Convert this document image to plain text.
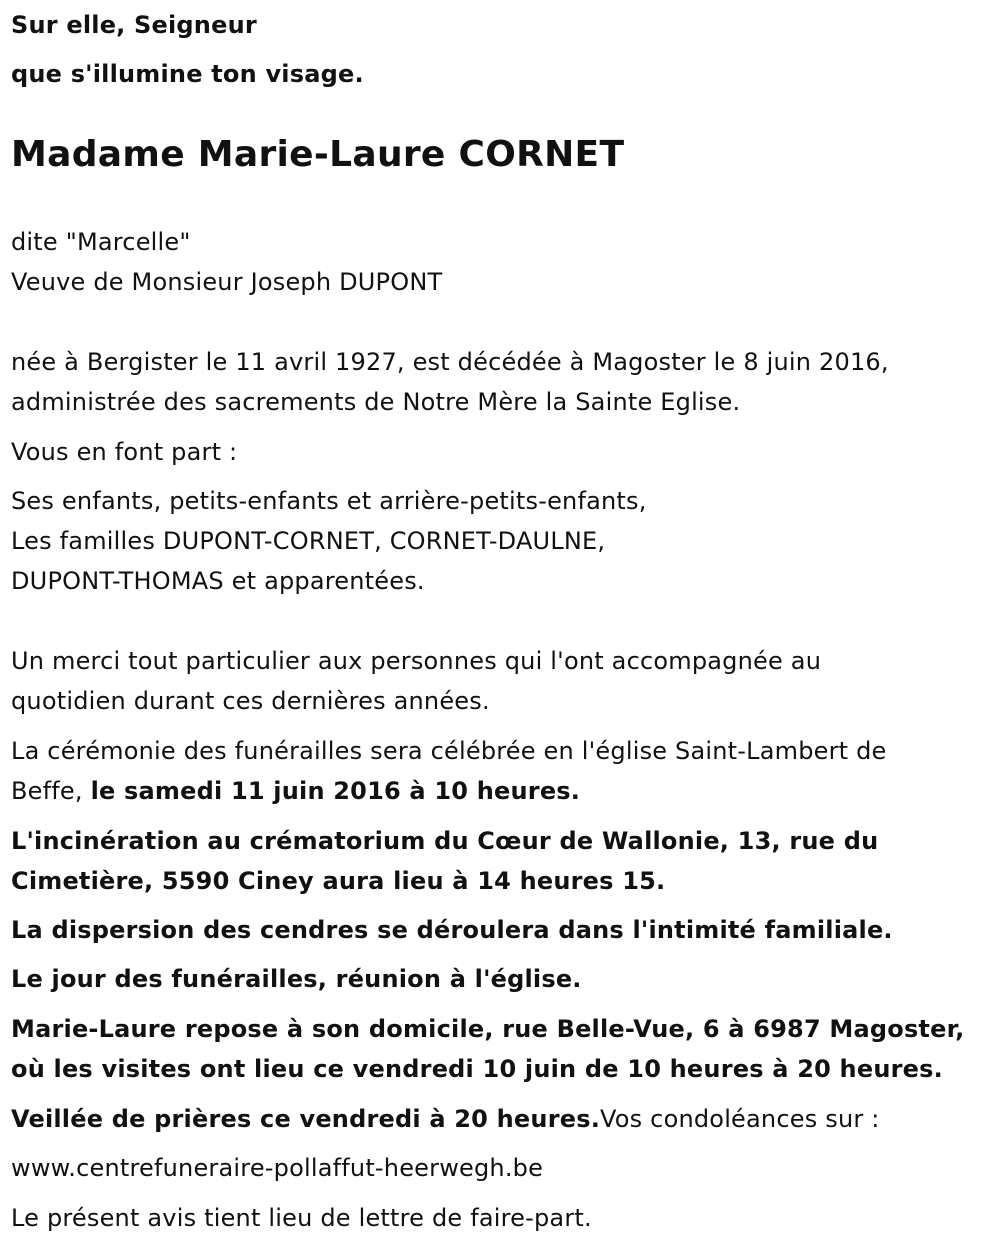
Sur elle, Seigneur
que s'illumine ton visage.
Madame Marie-Laure CORNET
dite "Marcelle"
Veuve de Monsieur Joseph DUPONT
née à Bergister le 11 avril 1927, est décédée à Magoster le 8 juin 2016,
administrée des sacrements de Notre Mère la Sainte Eglise.
Vous en font part :
Ses enfants, petits-enfants et arrière-petits-enfants,
Les familles DUPONT-CORNET, CORNET-DAULNE,
DUPONT-THOMAS et apparentées.
Un merci tout particulier aux personnes qui l'ont accompagnée au
quotidien durant ces dernières années.
La cérémonie des funérailles sera célébrée en l'église Saint-Lambert de
Beffe, le samedi 11 juin 2016 à 10 heures.
L'incinération au crématorium du Cœur de Wallonie, 13, rue du
Cimetière, 5590 Ciney aura lieu à 14 heures 15.
La dispersion des cendres se déroulera dans l'intimité familiale.
Le jour des funérailles, réunion à l'église.
Marie-Laure repose à son domicile, rue Belle-Vue, 6 à 6987 Magoster,
où les visites ont lieu ce vendredi 10 juin de 10 heures à 20 heures.
Veillée de prières ce vendredi à 20 heures.Vos condoléances sur :
www.centrefuneraire-pollaffut-heerwegh.be
Le présent avis tient lieu de lettre de faire-part.
